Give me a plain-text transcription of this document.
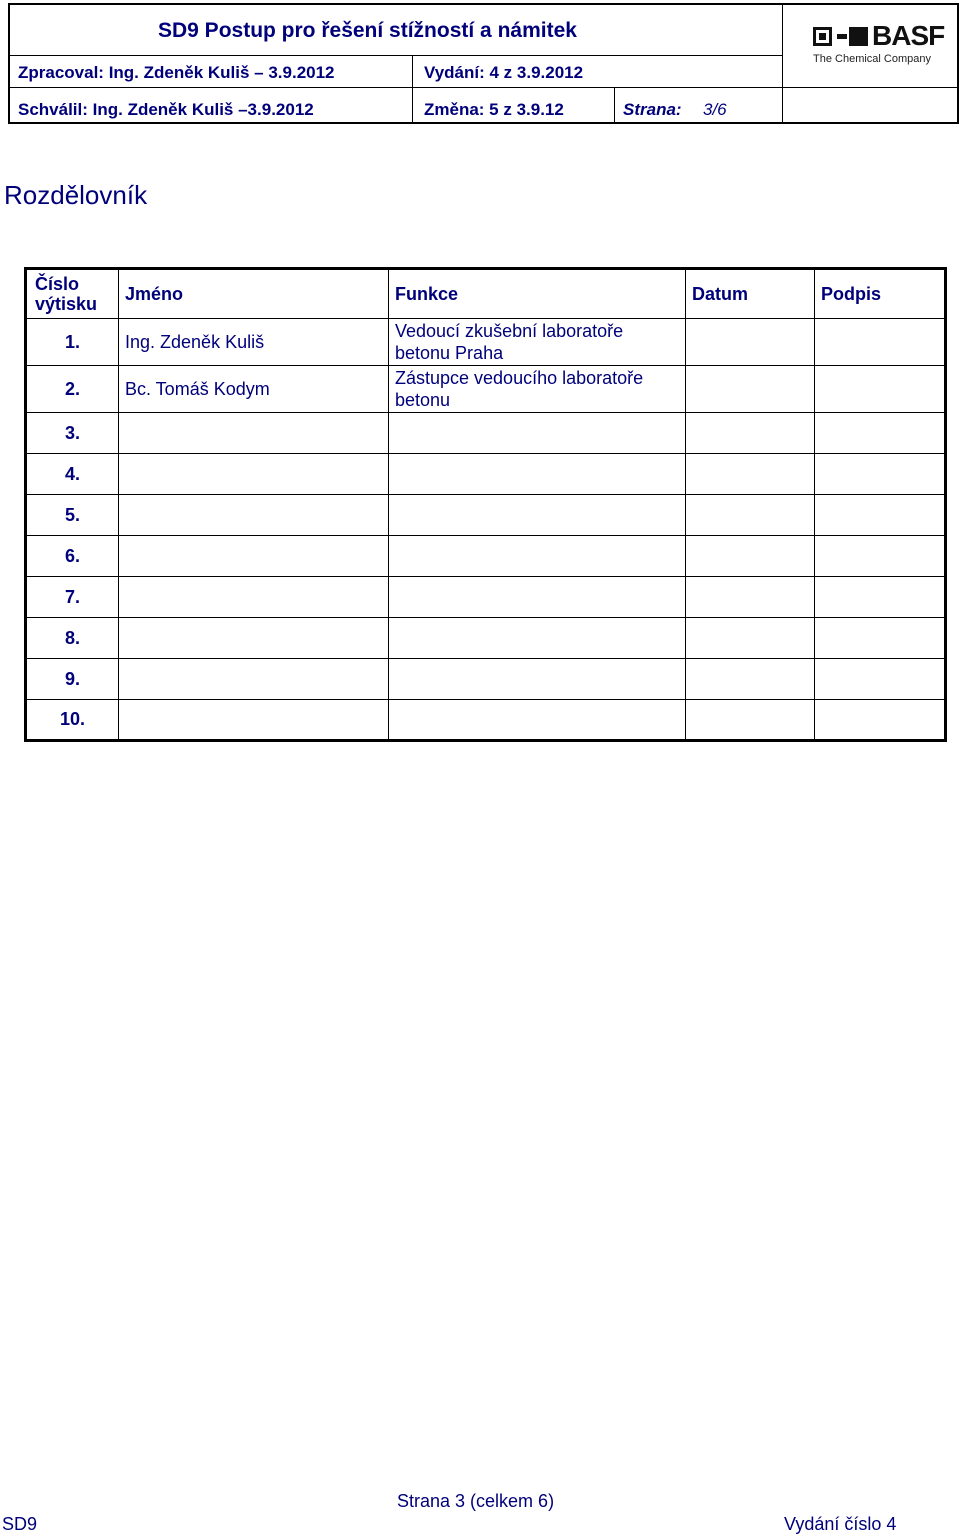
SD9 Postup pro řešení stížností a námitek
Zpracoval: Ing. Zdeněk Kuliš – 3.9.2012	Vydání: 4 z 3.9.2012
Schválil: Ing. Zdeněk Kuliš –3.9.2012	Změna: 5 z 3.9.12	Strana: 3/6
BASF
The Chemical Company
Rozdělovník
Číslo výtisku	Jméno	Funkce	Datum	Podpis
1.	Ing. Zdeněk Kuliš	Vedoucí zkušební laboratoře betonu Praha		
2.	Bc. Tomáš Kodym	Zástupce vedoucího laboratoře betonu		
3.				
4.				
5.				
6.				
7.				
8.				
9.				
10.				
Strana 3 (celkem 6)
SD9	Vydání číslo 4
